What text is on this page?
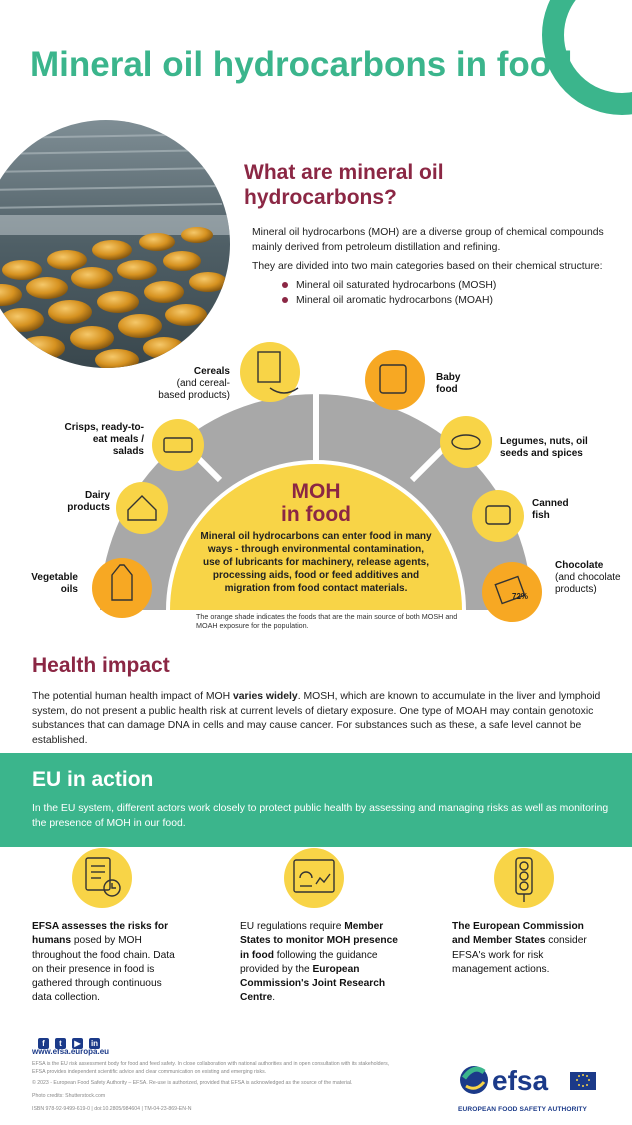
Mineral oil hydrocarbons in food
What are mineral oil hydrocarbons?

Mineral oil hydrocarbons (MOH) are a diverse group of chemical compounds mainly derived from petroleum distillation and refining.

They are divided into two main categories based on their chemical structure:

Mineral oil saturated hydrocarbons (MOSH)
Mineral oil aromatic hydrocarbons (MOAH)
MOH
in food
Mineral oil hydrocarbons can enter food in many ways - through environmental contamination, use of lubricants for machinery, release agents, processing aids, food or feed additives and migration from food contact materials.
The orange shade indicates the foods that are the main source of both MOSH and MOAH exposure for the population.
Vegetable oils
Dairy products
Crisps, ready-to-eat meals / salads
Cereals
(and cereal-based products)
Baby food
Legumes, nuts, oil seeds and spices
Canned fish
Chocolate
(and chocolate products)
72%
Health impact
The potential human health impact of MOH varies widely. MOSH, which are known to accumulate in the liver and lymphoid system, do not present a public health risk at current levels of dietary exposure. One type of MOAH may contain genotoxic substances that can damage DNA in cells and may cause cancer. For substances such as these, a safe level cannot be established.
EU in action
In the EU system, different actors work closely to protect public health by assessing and managing risks as well as monitoring the presence of MOH in our food.
EFSA assesses the risks for humans posed by MOH throughout the food chain. Data on their presence in food is gathered through continuous data collection.
EU regulations require Member States to monitor MOH presence in food following the guidance provided by the European Commission's Joint Research Centre.
The European Commission and Member States consider EFSA's work for risk management actions.
f t ▶ in
www.efsa.europa.eu
EFSA is the EU risk assessment body for food and feed safety. In close collaboration with national authorities and in open consultation with its stakeholders, EFSA provides independent scientific advice and clear communication on existing and emerging risks.
© 2023 - European Food Safety Authority – EFSA. Re-use is authorized, provided that EFSA is acknowledged as the source of the material.
Photo credits: Shutterstock.com
ISBN 978-92-9499-619-0 | doi:10.2805/984604 | TM-04-23-869-EN-N
efsa
EUROPEAN FOOD SAFETY AUTHORITY
